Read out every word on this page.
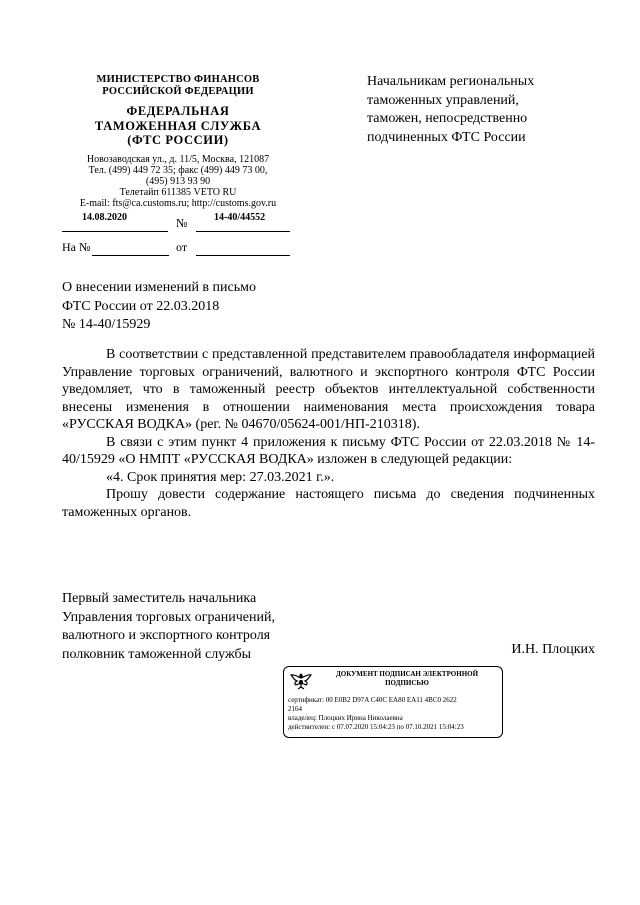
МИНИСТЕРСТВО ФИНАНСОВ
РОССИЙСКОЙ ФЕДЕРАЦИИ
ФЕДЕРАЛЬНАЯ
ТАМОЖЕННАЯ СЛУЖБА
(ФТС РОССИИ)
Новозаводская ул., д. 11/5, Москва, 121087
Тел. (499) 449 72 35; факс (499) 449 73 00,
(495) 913 93 90
Телетайп 611385 VETO RU
E-mail: fts@ca.customs.ru; http://customs.gov.ru
14.08.2020	№	14-40/44552
На №	от
Начальникам региональных
таможенных управлений,
таможен, непосредственно
подчиненных ФТС России
О внесении изменений в письмо
ФТС России от 22.03.2018
№ 14-40/15929

В соответствии с представленной представителем правообладателя информацией Управление торговых ограничений, валютного и экспортного контроля ФТС России уведомляет, что в таможенный реестр объектов интеллектуальной собственности внесены изменения в отношении наименования места происхождения товара «РУССКАЯ ВОДКА» (рег. № 04670/05624-001/НП-210318).

В связи с этим пункт 4 приложения к письму ФТС России от 22.03.2018 № 14-40/15929 «О НМПТ «РУССКАЯ ВОДКА» изложен в следующей редакции:

«4. Срок принятия мер: 27.03.2021 г.».

Прошу довести содержание настоящего письма до сведения подчиненных таможенных органов.

Первый заместитель начальника
Управления торговых ограничений,
валютного и экспортного контроля
полковник таможенной службы	И.Н. Плоцких
ДОКУМЕНТ ПОДПИСАН ЭЛЕКТРОННОЙ
ПОДПИСЬЮ
сертификат: 00 E0B2 D97A C40C EA80 EA11 4BC0 2622
2164
владелец: Плоцких Ирина Николаевна
действителен: с 07.07.2020 15:04:23 по 07.10.2021 15:04:23
